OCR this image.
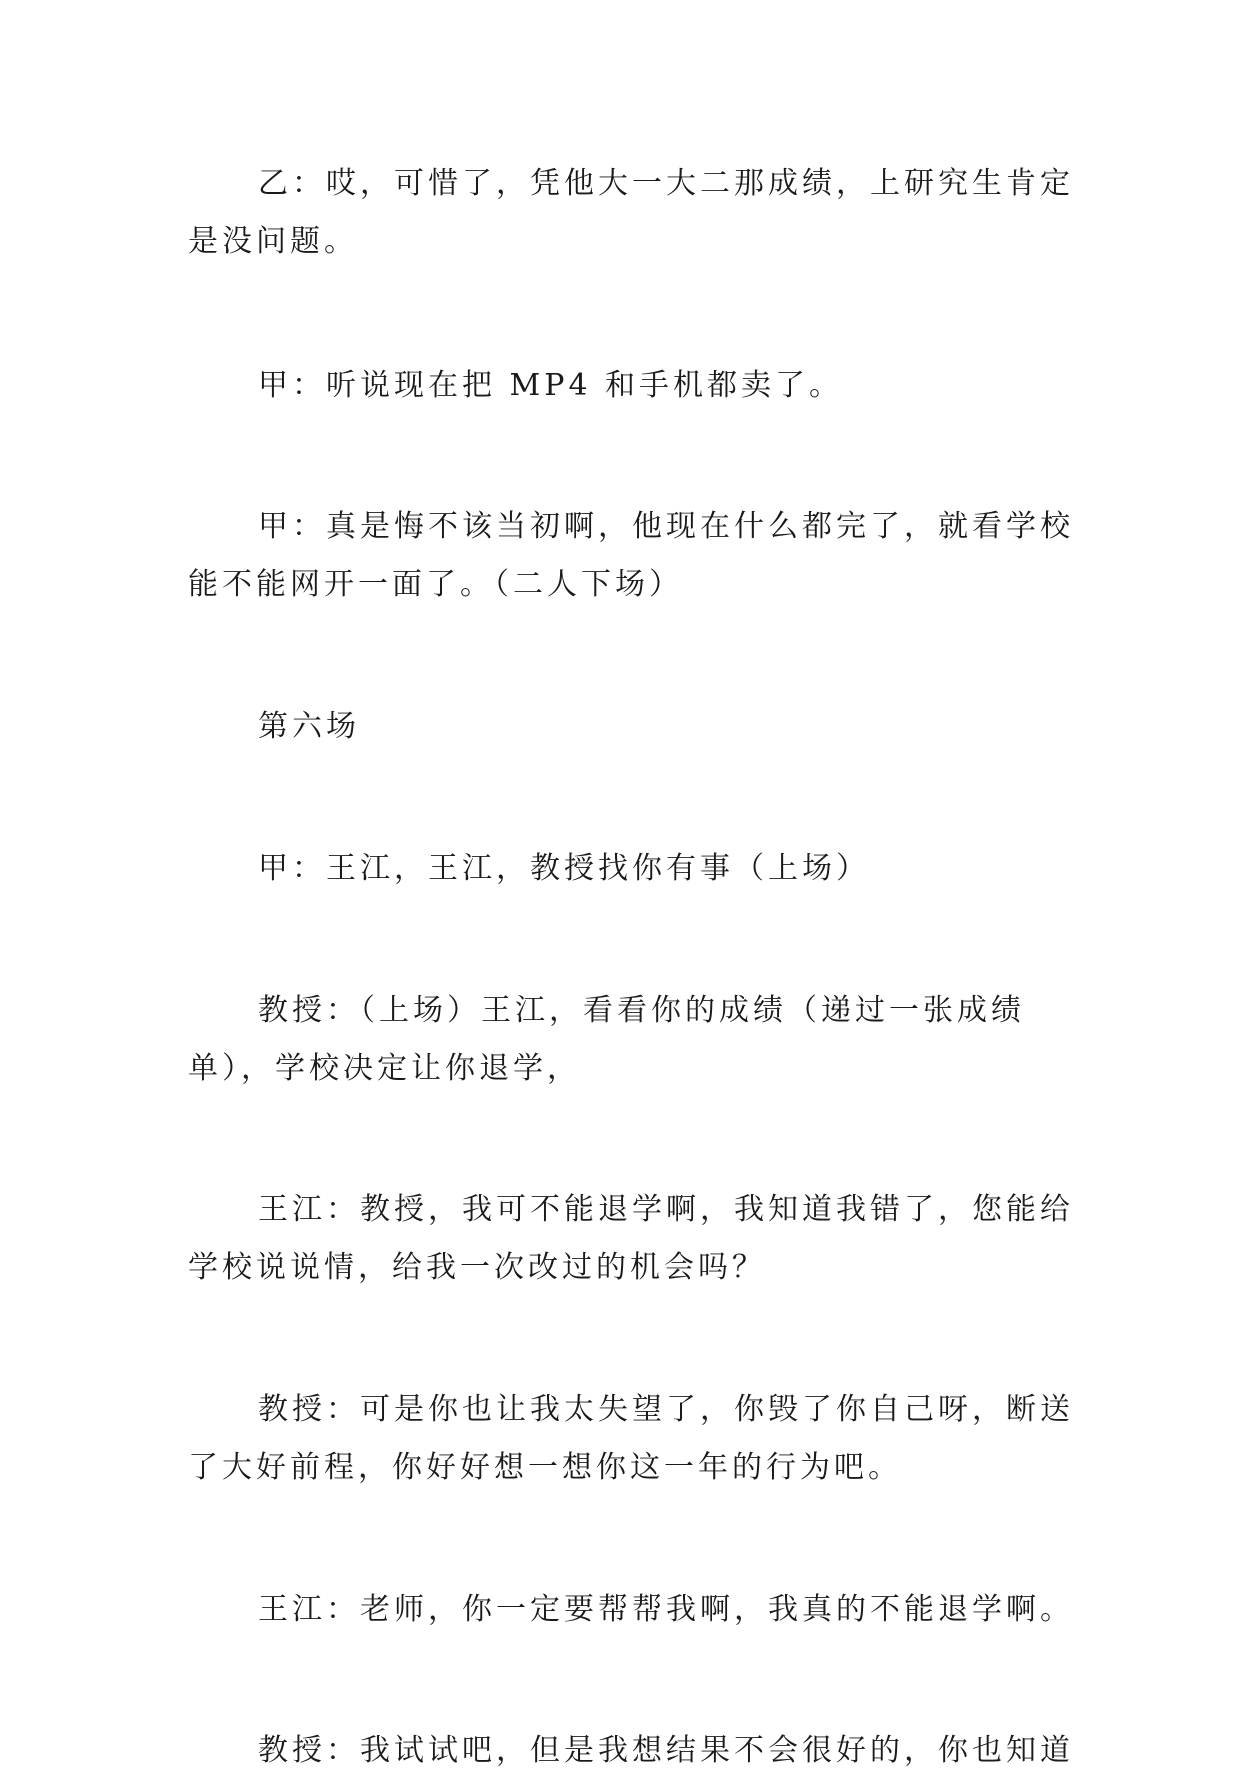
乙：哎，可惜了，凭他大一大二那成绩，上研究生肯定

是没问题。

甲：听说现在把 MP4 和手机都卖了。

甲：真是悔不该当初啊，他现在什么都完了，就看学校

能不能网开一面了。（二人下场）

第六场

甲：王江，王江，教授找你有事（上场）

教授：（上场）王江，看看你的成绩（递过一张成绩

单），学校决定让你退学，

王江：教授，我可不能退学啊，我知道我错了，您能给

学校说说情，给我一次改过的机会吗？

教授：可是你也让我太失望了，你毁了你自己呀，断送

了大好前程，你好好想一想你这一年的行为吧。

王江：老师，你一定要帮帮我啊，我真的不能退学啊。

教授：我试试吧，但是我想结果不会很好的，你也知道
